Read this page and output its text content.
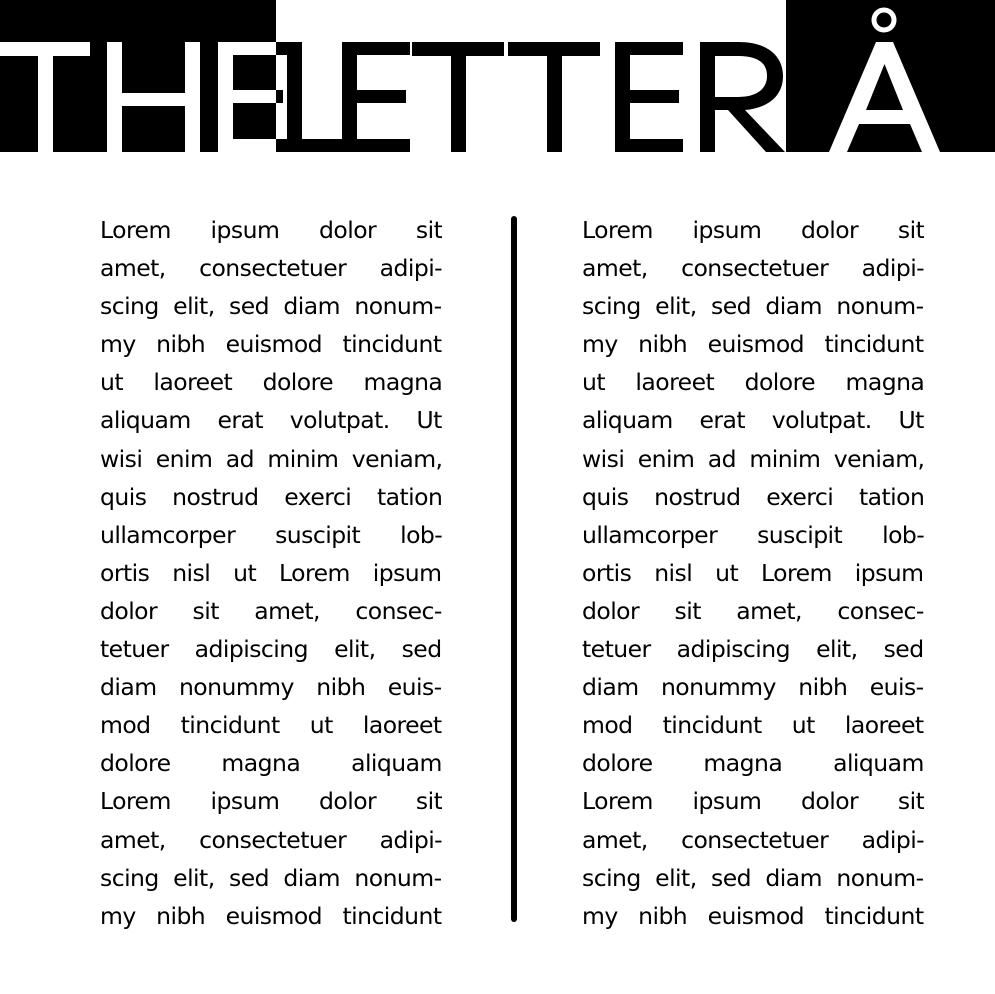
Lorem ipsum dolor sit
amet, consectetuer adipi-
scing elit, sed diam nonum-
my nibh euismod tincidunt
ut laoreet dolore magna
aliquam erat volutpat. Ut
wisi enim ad minim veniam,
quis nostrud exerci tation
ullamcorper suscipit lob-
ortis nisl ut Lorem ipsum
dolor sit amet, consec-
tetuer adipiscing elit, sed
diam nonummy nibh euis-
mod tincidunt ut laoreet
dolore magna aliquam
Lorem ipsum dolor sit
amet, consectetuer adipi-
scing elit, sed diam nonum-
my nibh euismod tincidunt
Lorem ipsum dolor sit
amet, consectetuer adipi-
scing elit, sed diam nonum-
my nibh euismod tincidunt
ut laoreet dolore magna
aliquam erat volutpat. Ut
wisi enim ad minim veniam,
quis nostrud exerci tation
ullamcorper suscipit lob-
ortis nisl ut Lorem ipsum
dolor sit amet, consec-
tetuer adipiscing elit, sed
diam nonummy nibh euis-
mod tincidunt ut laoreet
dolore magna aliquam
Lorem ipsum dolor sit
amet, consectetuer adipi-
scing elit, sed diam nonum-
my nibh euismod tincidunt
